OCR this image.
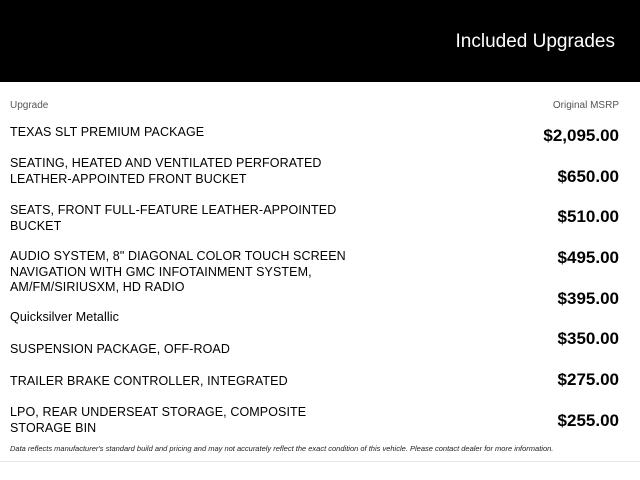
Included Upgrades
Upgrade	Original MSRP
TEXAS SLT PREMIUM PACKAGE
SEATING, HEATED AND VENTILATED PERFORATED LEATHER-APPOINTED FRONT BUCKET
SEATS, FRONT FULL-FEATURE LEATHER-APPOINTED BUCKET
AUDIO SYSTEM, 8" DIAGONAL COLOR TOUCH SCREEN NAVIGATION WITH GMC INFOTAINMENT SYSTEM, AM/FM/SIRIUSXM, HD RADIO
Quicksilver Metallic
SUSPENSION PACKAGE, OFF-ROAD
TRAILER BRAKE CONTROLLER, INTEGRATED
LPO, REAR UNDERSEAT STORAGE, COMPOSITE STORAGE BIN
$2,095.00
$650.00
$510.00
$495.00
$395.00
$350.00
$275.00
$255.00
Data reflects manufacturer's standard build and pricing and may not accurately reflect the exact condition of this vehicle. Please contact dealer for more information.
